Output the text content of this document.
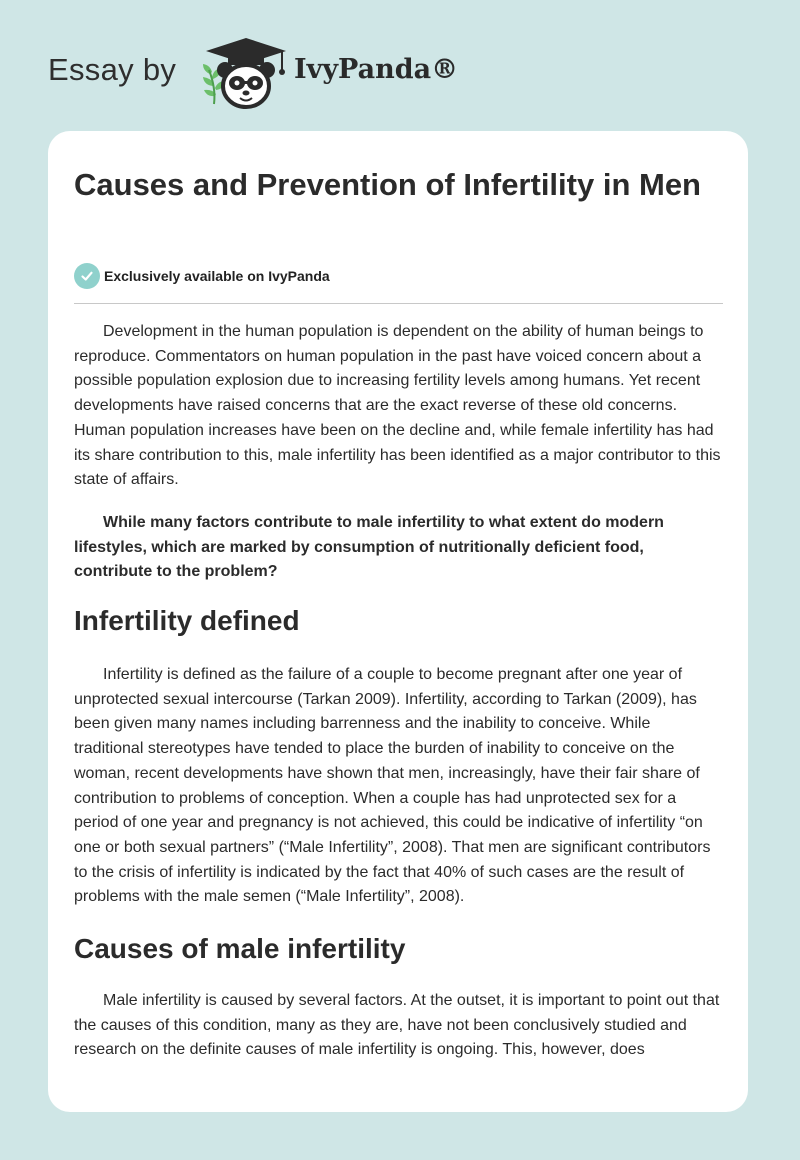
Essay by	IvyPanda®
Causes and Prevention of Infertility in Men
Exclusively available on IvyPanda

Development in the human population is dependent on the ability of human beings to reproduce. Commentators on human population in the past have voiced concern about a possible population explosion due to increasing fertility levels among humans. Yet recent developments have raised concerns that are the exact reverse of these old concerns. Human population increases have been on the decline and, while female infertility has had its share contribution to this, male infertility has been identified as a major contributor to this state of affairs.

While many factors contribute to male infertility to what extent do modern lifestyles, which are marked by consumption of nutritionally deficient food, contribute to the problem?

Infertility defined

Infertility is defined as the failure of a couple to become pregnant after one year of unprotected sexual intercourse (Tarkan 2009). Infertility, according to Tarkan (2009), has been given many names including barrenness and the inability to conceive. While traditional stereotypes have tended to place the burden of inability to conceive on the woman, recent developments have shown that men, increasingly, have their fair share of contribution to problems of conception. When a couple has had unprotected sex for a period of one year and pregnancy is not achieved, this could be indicative of infertility “on one or both sexual partners” (“Male Infertility”, 2008). That men are significant contributors to the crisis of infertility is indicated by the fact that 40% of such cases are the result of problems with the male semen (“Male Infertility”, 2008).

Causes of male infertility

Male infertility is caused by several factors. At the outset, it is important to point out that the causes of this condition, many as they are, have not been conclusively studied and research on the definite causes of male infertility is ongoing. This, however, does
